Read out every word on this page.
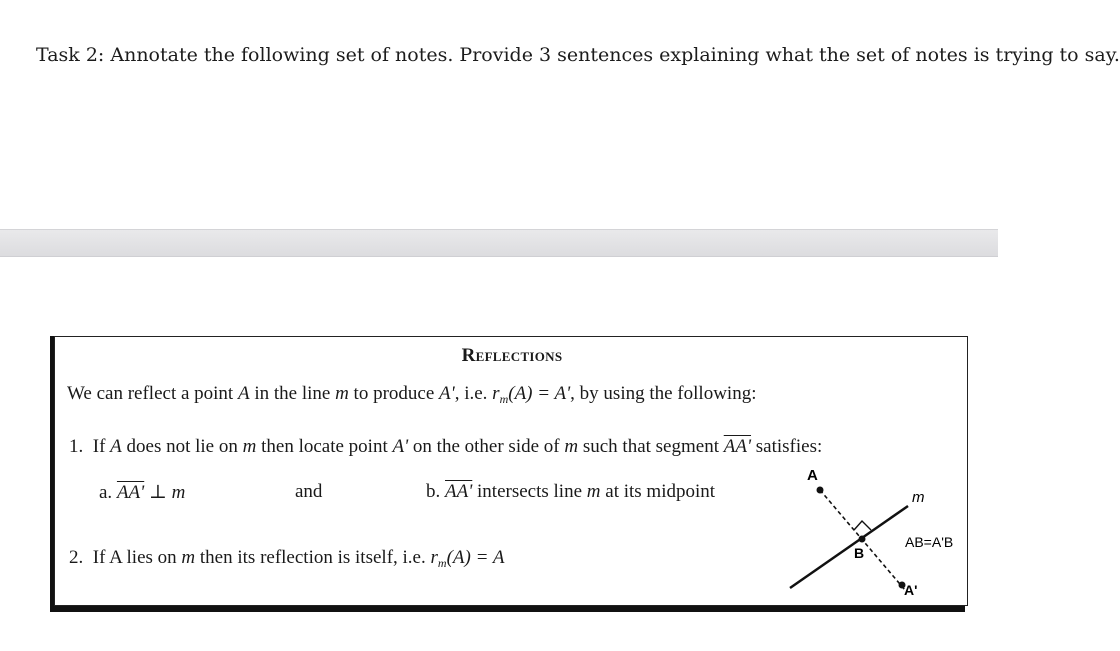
Task 2: Annotate the following set of notes. Provide 3 sentences explaining what the set of notes is trying to say.
Reflections
We can reflect a point A in the line m to produce A', i.e. $r_m(A) = A'$, by using the following:
1. If A does not lie on m then locate point A' on the other side of m such that segment AA' satisfies:
a. AA' ⊥ m	and	b. AA' intersects line m at its midpoint
2. If A lies on m then its reflection is itself, i.e. $r_m(A) = A$
A
B
A'
m
AB=A'B
